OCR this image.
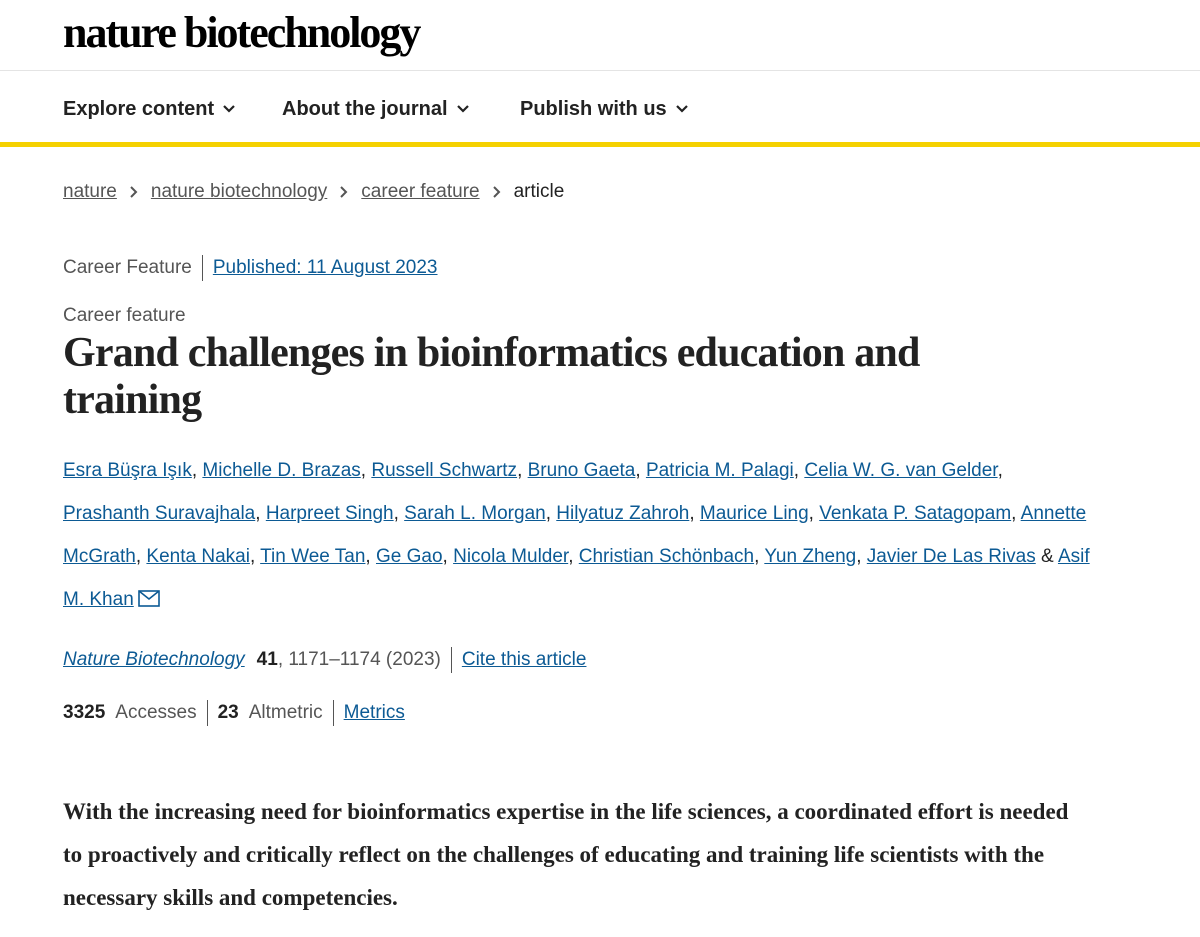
nature biotechnology
Explore content	About the journal	Publish with us
nature nature biotechnology career feature article
Career Feature Published: 11 August 2023
Career feature
Grand challenges in bioinformatics education and training
Esra Büşra Işık, Michelle D. Brazas, Russell Schwartz, Bruno Gaeta, Patricia M. Palagi, Celia W. G. van Gelder, Prashanth Suravajhala, Harpreet Singh, Sarah L. Morgan, Hilyatuz Zahroh, Maurice Ling, Venkata P. Satagopam, Annette McGrath, Kenta Nakai, Tin Wee Tan, Ge Gao, Nicola Mulder, Christian Schönbach, Yun Zheng, Javier De Las Rivas & Asif M. Khan
Nature Biotechnology 41 , 1171–1174 (2023) Cite this article
3325 Accesses 23 Altmetric Metrics

With the increasing need for bioinformatics expertise in the life sciences, a coordinated effort is needed to proactively and critically reflect on the challenges of educating and training life scientists with the necessary skills and competencies.
